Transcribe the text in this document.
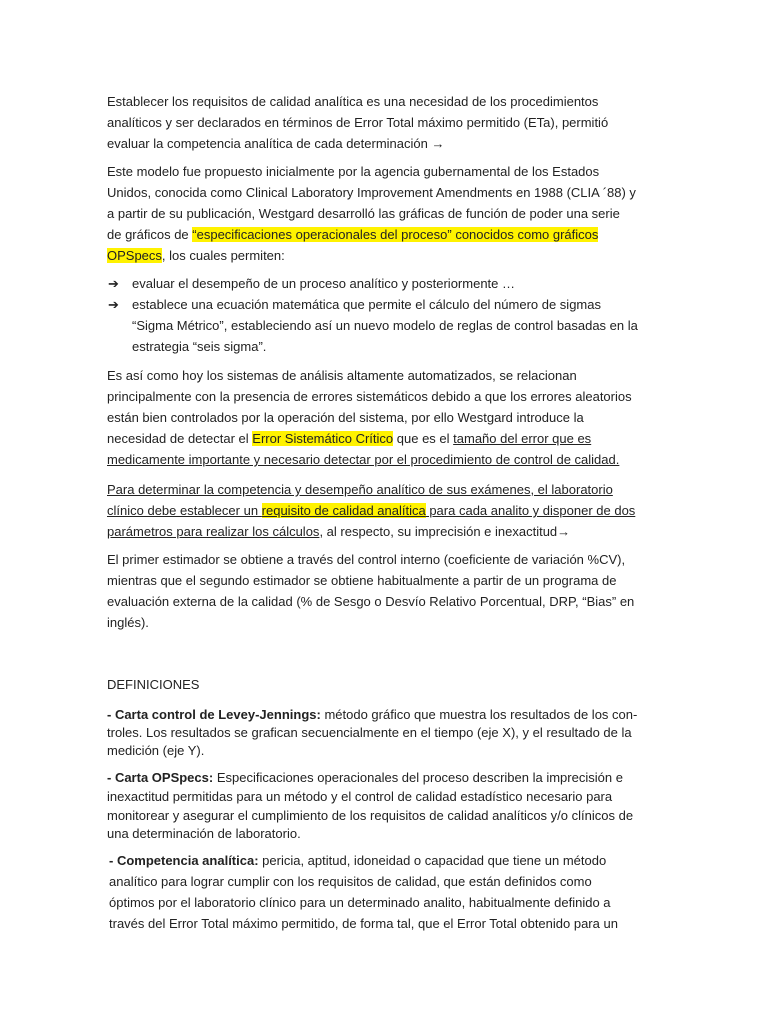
Establecer los requisitos de calidad analítica es una necesidad de los procedimientos

analíticos y ser declarados en términos de Error Total máximo permitido (ETa), permitió

evaluar la competencia analítica de cada determinación →

Este modelo fue propuesto inicialmente por la agencia gubernamental de los Estados

Unidos, conocida como Clinical Laboratory Improvement Amendments en 1988 (CLIA ´88) y

a partir de su publicación, Westgard desarrolló las gráficas de función de poder una serie

de gráficos de “especificaciones operacionales del proceso” conocidos como gráficos

OPSpecs, los cuales permiten:

➔ evaluar el desempeño de un proceso analítico y posteriormente …

➔ establece una ecuación matemática que permite el cálculo del número de sigmas

“Sigma Métrico”, estableciendo así un nuevo modelo de reglas de control basadas en la

estrategia “seis sigma”.

Es así como hoy los sistemas de análisis altamente automatizados, se relacionan

principalmente con la presencia de errores sistemáticos debido a que los errores aleatorios

están bien controlados por la operación del sistema, por ello Westgard introduce la

necesidad de detectar el Error Sistemático Crítico que es el tamaño del error que es

medicamente importante y necesario detectar por el procedimiento de control de calidad.

Para determinar la competencia y desempeño analítico de sus exámenes, el laboratorio

clínico debe establecer un requisito de calidad analítica para cada analito y disponer de dos

parámetros para realizar los cálculos, al respecto, su imprecisión e inexactitud→

El primer estimador se obtiene a través del control interno (coeficiente de variación %CV),

mientras que el segundo estimador se obtiene habitualmente a partir de un programa de

evaluación externa de la calidad (% de Sesgo o Desvío Relativo Porcentual, DRP, “Bias” en

inglés).

DEFINICIONES

- Carta control de Levey-Jennings: método gráfico que muestra los resultados de los con-

troles. Los resultados se grafican secuencialmente en el tiempo (eje X), y el resultado de la

medición (eje Y).

- Carta OPSpecs: Especificaciones operacionales del proceso describen la imprecisión e

inexactitud permitidas para un método y el control de calidad estadístico necesario para

monitorear y asegurar el cumplimiento de los requisitos de calidad analíticos y/o clínicos de

una determinación de laboratorio.

- Competencia analítica: pericia, aptitud, idoneidad o capacidad que tiene un método

analítico para lograr cumplir con los requisitos de calidad, que están definidos como

óptimos por el laboratorio clínico para un determinado analito, habitualmente definido a

través del Error Total máximo permitido, de forma tal, que el Error Total obtenido para un
